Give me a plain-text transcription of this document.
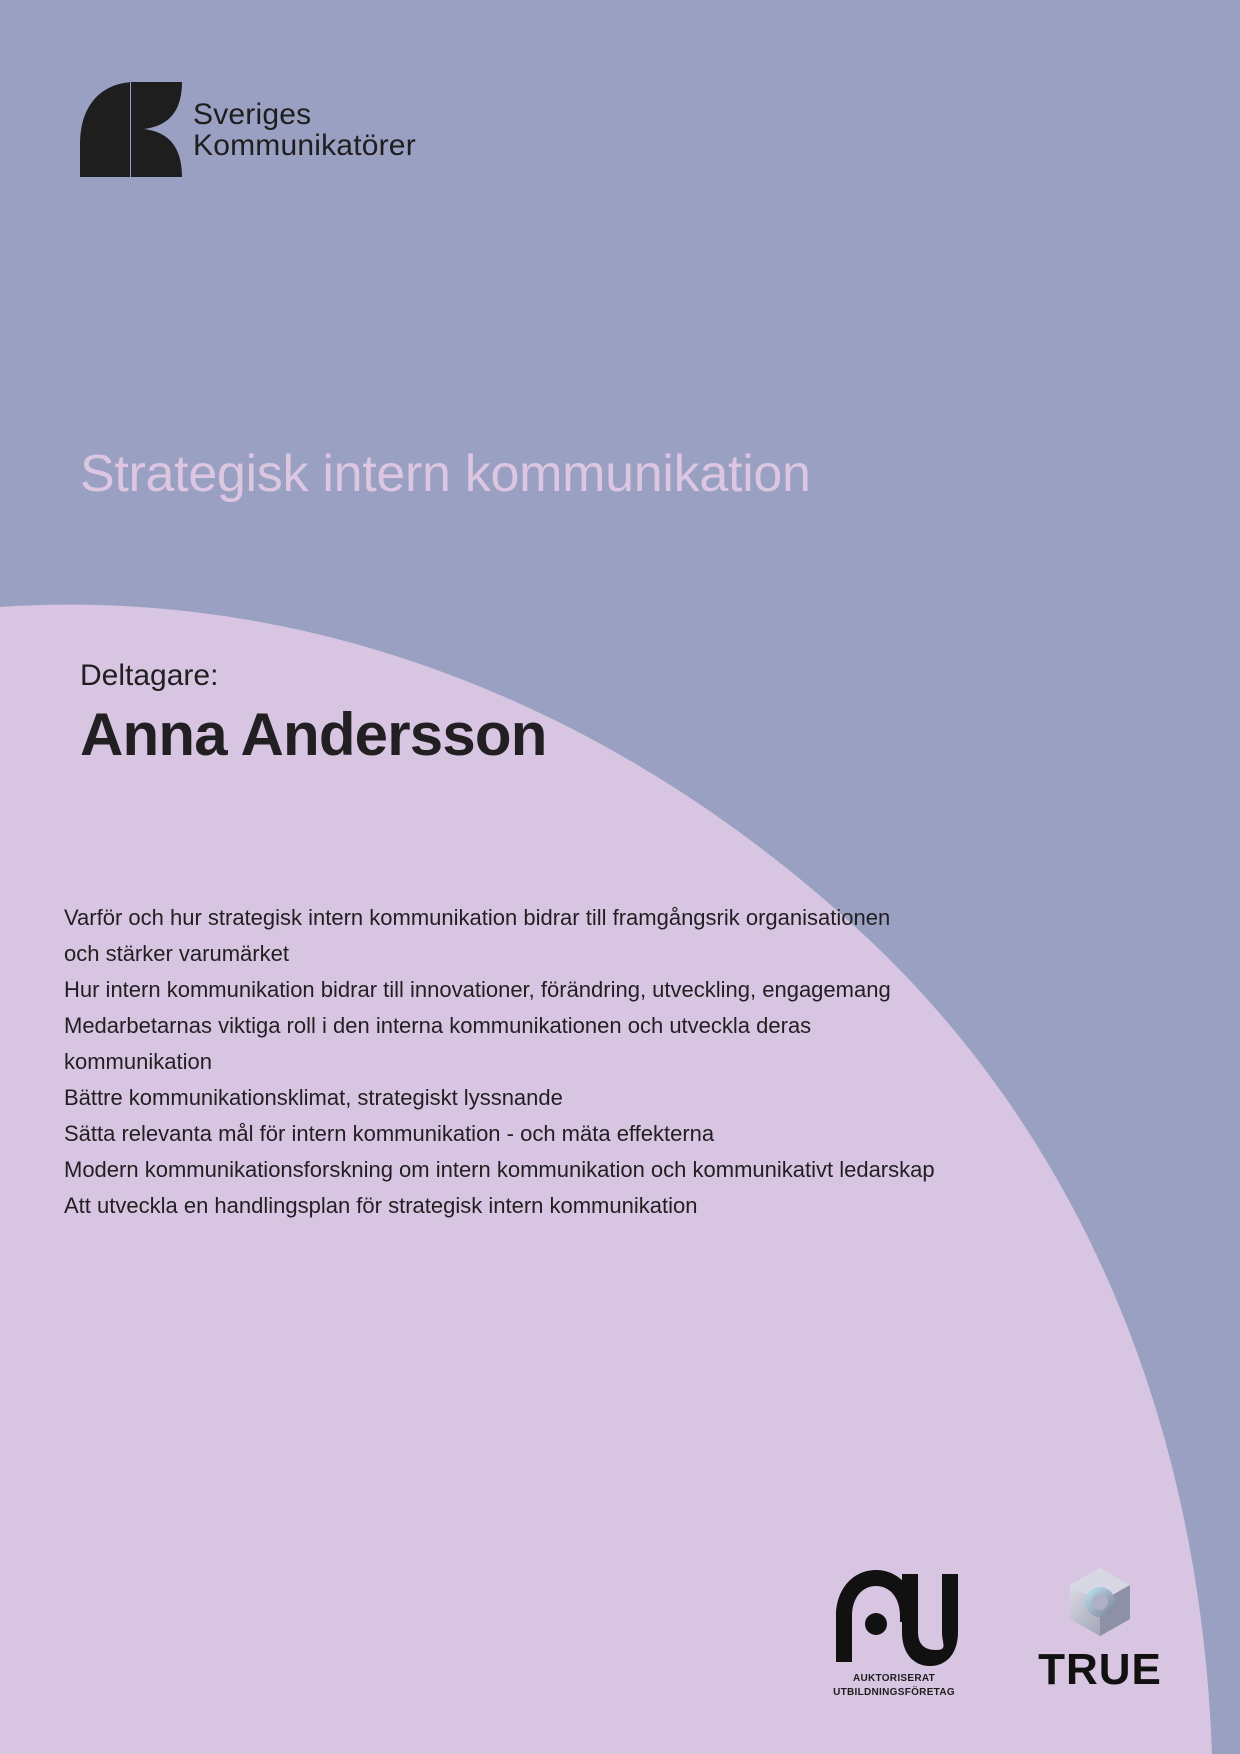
Sveriges
Kommunikatörer
Strategisk intern kommunikation
Deltagare:
Anna Andersson
Varför och hur strategisk intern kommunikation bidrar till framgångsrik organisationen
och stärker varumärket
Hur intern kommunikation bidrar till innovationer, förändring, utveckling, engagemang
Medarbetarnas viktiga roll i den interna kommunikationen och utveckla deras
kommunikation
Bättre kommunikationsklimat, strategiskt lyssnande
Sätta relevanta mål för intern kommunikation - och mäta effekterna
Modern kommunikationsforskning om intern kommunikation och kommunikativt ledarskap
Att utveckla en handlingsplan för strategisk intern kommunikation
AUKTORISERAT
UTBILDNINGSFÖRETAG TRUE
